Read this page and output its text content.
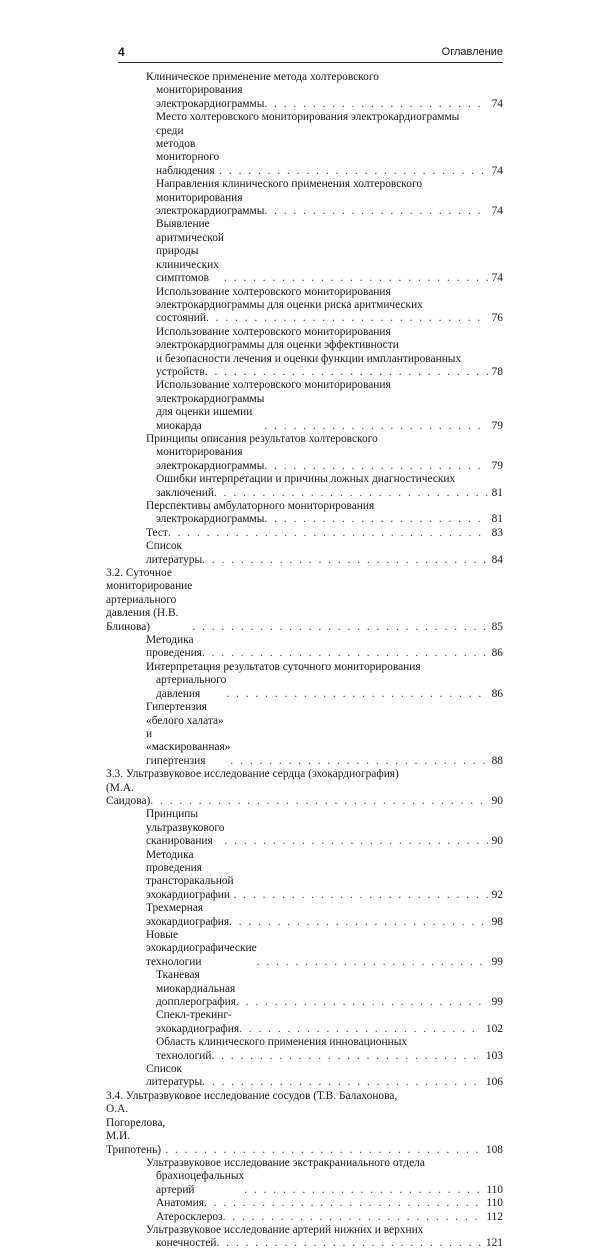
4	Оглавление
Клиническое применение метода холтеровского
мониторирования электрокардиограммы . . .	74
Место холтеровского мониторирования электрокардиограммы
среди методов мониторного наблюдения . . .	74
Направления клинического применения холтеровского
мониторирования электрокардиограммы . . .	74
Выявление аритмической природы клинических симптомов . . .	74
Использование холтеровского мониторирования
электрокардиограммы для оценки риска аритмических
состояний . . .	76
Использование холтеровского мониторирования
электрокардиограммы для оценки эффективности
и безопасности лечения и оценки функции имплантированных
устройств . . .	78
Использование холтеровского мониторирования
электрокардиограммы для оценки ишемии миокарда . . .	79
Принципы описания результатов холтеровского
мониторирования электрокардиограммы . . .	79
Ошибки интерпретации и причины ложных диагностических
заключений . . .	81
Перспективы амбулаторного мониторирования
электрокардиограммы . . .	81
Тест . . .	83
Список литературы . . .	84
3.2. Суточное мониторирование артериального давления (Н.В. Блинова) . . .	85
Методика проведения . . .	86
Интерпретация результатов суточного мониторирования
артериального давления . . .	86
Гипертензия «белого халата» и «маскированная» гипертензия . . .	88
3.3. Ультразвуковое исследование сердца (эхокардиография)
(М.А. Саидова) . . .	90
Принципы ультразвукового сканирования . . .	90
Методика проведения трансторакальной эхокардиографии . . .	92
Трехмерная эхокардиография . . .	98
Новые эхокардиографические технологии . . .	99
Тканевая миокардиальная допплерография . . .	99
Спекл-трекинг-эхокардиография . . .	102
Область клинического применения инновационных
технологий . . .	103
Список литературы . . .	106
3.4. Ультразвуковое исследование сосудов (Т.В. Балахонова,
О.А. Погорелова, М.И. Трипотень) . . .	108
Ультразвуковое исследование экстракраниального отдела
брахиоцефальных артерий . . .	110
Анатомия . . .	110
Атеросклероз . . .	112
Ультразвуковое исследование артерий нижних и верхних
конечностей . . .	121
